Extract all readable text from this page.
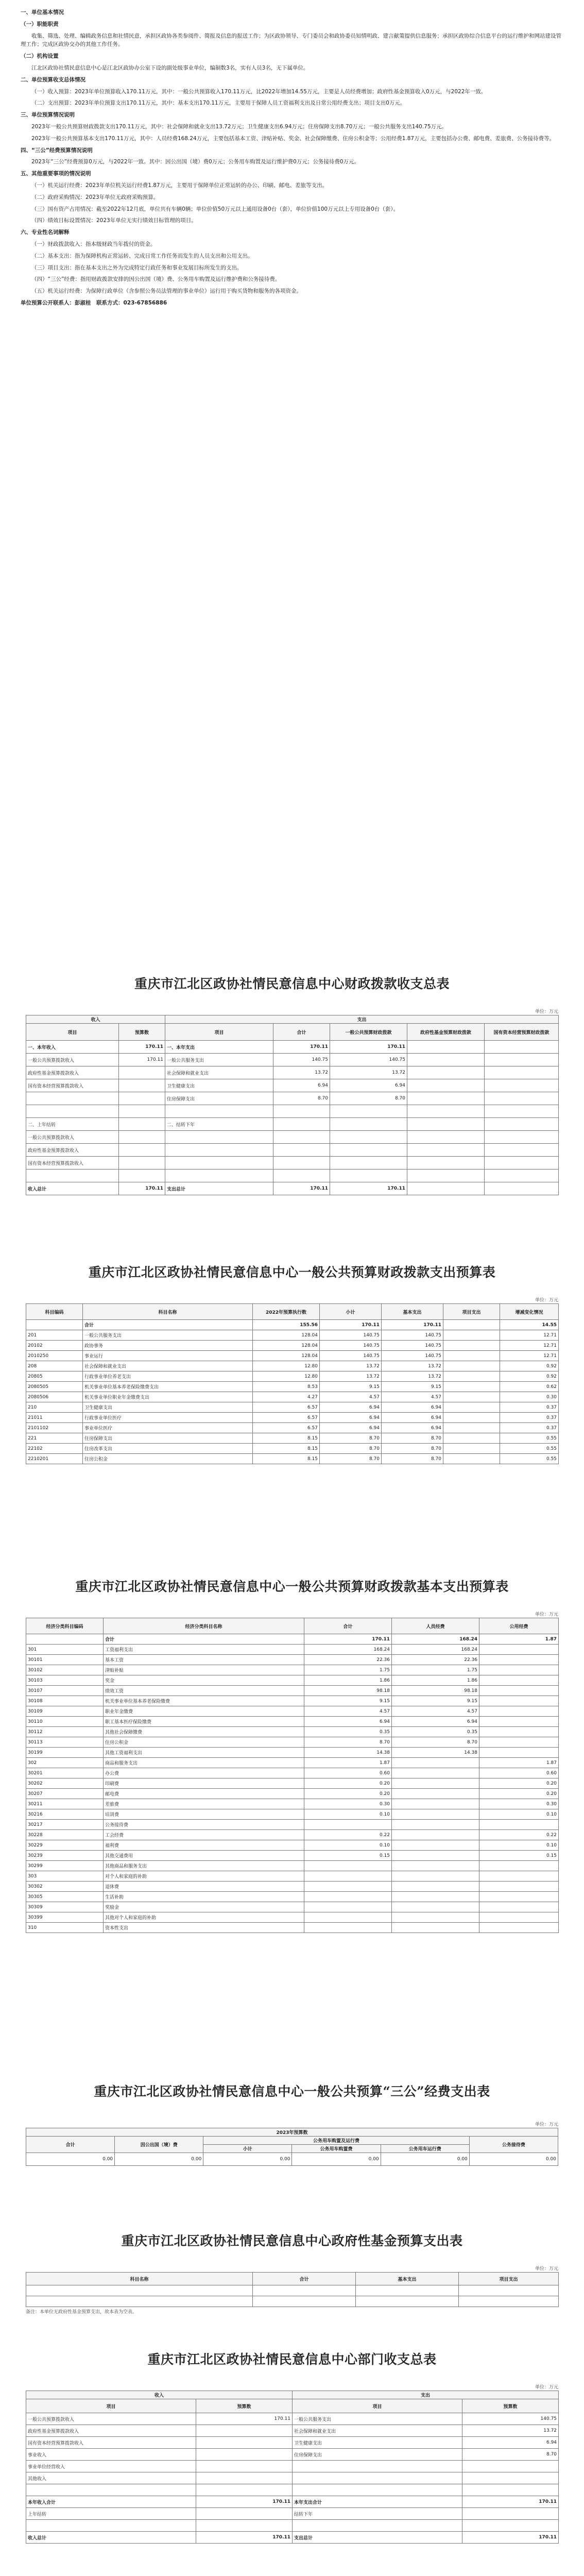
一、单位基本情况

（一）职能职责

收集、筛选、处理、编辑政务信息和社情民意，承担区政协各类参阅件、简报及信息的报送工作；为区政协领导、专门委员会和政协委员知情明政、建言献策提供信息服务；承担区政协综合信息平台的运行维护和网站建设管理工作；完成区政协交办的其他工作任务。

（二）机构设置

江北区政协社情民意信息中心是江北区政协办公室下设的副处级事业单位，编制数3名，实有人员3名，无下属单位。

二、单位预算收支总体情况

（一）收入预算：2023年单位预算收入170.11万元，其中：一般公共预算收入170.11万元，比2022年增加14.55万元，主要是人员经费增加；政府性基金预算收入0万元，与2022年一致。

（二）支出预算：2023年单位预算支出170.11万元，其中：基本支出170.11万元，主要用于保障人员工资福利支出及日常公用经费支出；项目支出0万元。

三、单位预算情况说明

2023年一般公共预算财政拨款支出170.11万元，其中：社会保障和就业支出13.72万元；卫生健康支出6.94万元；住房保障支出8.70万元；一般公共服务支出140.75万元。

2023年一般公共预算基本支出170.11万元，其中：人员经费168.24万元，主要包括基本工资、津贴补贴、奖金、社会保障缴费、住房公积金等；公用经费1.87万元，主要包括办公费、邮电费、差旅费、公务接待费等。

四、“三公”经费预算情况说明

2023年“三公”经费预算0万元，与2022年一致。其中：因公出国（境）费0万元；公务用车购置及运行维护费0万元；公务接待费0万元。

五、其他重要事项的情况说明

（一）机关运行经费：2023年单位机关运行经费1.87万元，主要用于保障单位正常运转的办公、印刷、邮电、差旅等支出。

（二）政府采购情况：2023年单位无政府采购预算。

（三）国有资产占用情况：截至2022年12月底，单位共有车辆0辆；单位价值50万元以上通用设备0台（套），单位价值100万元以上专用设备0台（套）。

（四）绩效目标设置情况：2023年单位无实行绩效目标管理的项目。

六、专业性名词解释

（一）财政拨款收入：指本级财政当年拨付的资金。

（二）基本支出：指为保障机构正常运转、完成日常工作任务而发生的人员支出和公用支出。

（三）项目支出：指在基本支出之外为完成特定行政任务和事业发展目标所发生的支出。

（四）“三公”经费：指用财政拨款安排的因公出国（境）费、公务用车购置及运行维护费和公务接待费。

（五）机关运行经费：为保障行政单位（含参照公务员法管理的事业单位）运行用于购买货物和服务的各项资金。

单位预算公开联系人：彭淑桂　联系方式：023-67856886

重庆市江北区政协社情民意信息中心财政拨款收支总表
单位：万元
收入		支出				
项目	预算数	项目	合计	一般公共预算财政拨款	政府性基金预算财政拨款	国有资本经营预算财政拨款
一、本年收入	170.11	一、本年支出	170.11	170.11		
一般公共预算拨款收入	170.11	一般公共服务支出	140.75	140.75		
政府性基金预算拨款收入		社会保障和就业支出	13.72	13.72		
国有资本经营预算拨款收入		卫生健康支出	6.94	6.94		
		住房保障支出	8.70	8.70		

二、上年结转		二、结转下年				
一般公共预算拨款收入						
政府性基金预算拨款收入						
国有资本经营预算拨款收入						

收入总计	170.11	支出总计	170.11	170.11		
重庆市江北区政协社情民意信息中心一般公共预算财政拨款支出预算表
单位：万元
科目编码	科目名称	2022年预算执行数	小计	基本支出	项目支出	增减变化情况
	合计	155.56	170.11	170.11		14.55
201	一般公共服务支出	128.04	140.75	140.75		12.71
20102	政协事务	128.04	140.75	140.75		12.71
2010250	事业运行	128.04	140.75	140.75		12.71
208	社会保障和就业支出	12.80	13.72	13.72		0.92
20805	行政事业单位养老支出	12.80	13.72	13.72		0.92
2080505	机关事业单位基本养老保险缴费支出	8.53	9.15	9.15		0.62
2080506	机关事业单位职业年金缴费支出	4.27	4.57	4.57		0.30
210	卫生健康支出	6.57	6.94	6.94		0.37
21011	行政事业单位医疗	6.57	6.94	6.94		0.37
2101102	事业单位医疗	6.57	6.94	6.94		0.37
221	住房保障支出	8.15	8.70	8.70		0.55
22102	住房改革支出	8.15	8.70	8.70		0.55
2210201	住房公积金	8.15	8.70	8.70		0.55
重庆市江北区政协社情民意信息中心一般公共预算财政拨款基本支出预算表
单位：万元
经济分类科目编码	经济分类科目名称	合计	人员经费	公用经费
	合计	170.11	168.24	1.87
301	工资福利支出	168.24	168.24	
30101	基本工资	22.36	22.36	
30102	津贴补贴	1.75	1.75	
30103	奖金	1.86	1.86	
30107	绩效工资	98.18	98.18	
30108	机关事业单位基本养老保险缴费	9.15	9.15	
30109	职业年金缴费	4.57	4.57	
30110	职工基本医疗保险缴费	6.94	6.94	
30112	其他社会保障缴费	0.35	0.35	
30113	住房公积金	8.70	8.70	
30199	其他工资福利支出	14.38	14.38	
302	商品和服务支出	1.87		1.87
30201	办公费	0.60		0.60
30202	印刷费	0.20		0.20
30207	邮电费	0.20		0.20
30211	差旅费	0.30		0.30
30216	培训费	0.10		0.10
30217	公务接待费			
30228	工会经费	0.22		0.22
30229	福利费	0.10		0.10
30239	其他交通费用	0.15		0.15
30299	其他商品和服务支出			
303	对个人和家庭的补助			
30302	退休费			
30305	生活补助			
30309	奖励金			
30399	其他对个人和家庭的补助			
310	资本性支出			
重庆市江北区政协社情民意信息中心一般公共预算“三公”经费支出表
单位：万元
2023年预算数					
合计	因公出国（境）费	公务用车购置及运行费			公务接待费
		小计	公务用车购置费	公务用车运行费	
0.00	0.00	0.00	0.00	0.00	0.00
重庆市江北区政协社情民意信息中心政府性基金预算支出表
单位：万元
科目名称	合计	基本支出	项目支出

备注：本单位无政府性基金预算支出，故本表为空表。
重庆市江北区政协社情民意信息中心部门收支总表
单位：万元
收入		支出	
项目	预算数	项目	预算数
一般公共预算拨款收入	170.11	一般公共服务支出	140.75
政府性基金预算拨款收入		社会保障和就业支出	13.72
国有资本经营预算拨款收入		卫生健康支出	6.94
事业收入		住房保障支出	8.70
事业单位经营收入			
其他收入			

本年收入合计	170.11	本年支出合计	170.11
上年结转		结转下年	

收入总计	170.11	支出总计	170.11
